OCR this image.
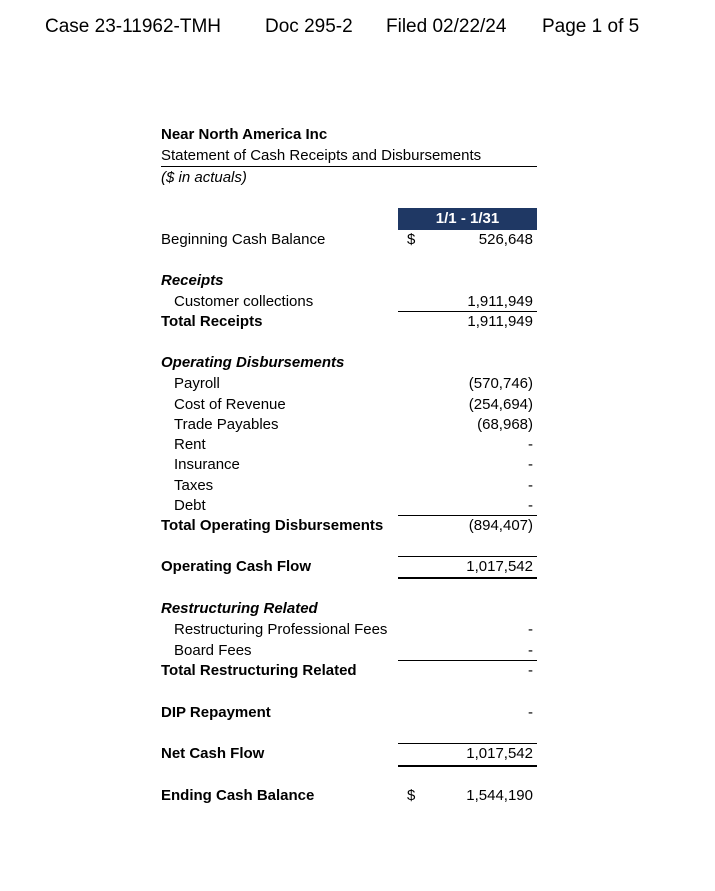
Case 23-11962-TMH Doc 295-2 Filed 02/22/24 Page 1 of 5
Near North America Inc
Statement of Cash Receipts and Disbursements
($ in actuals)
1/1 - 1/31
Beginning Cash Balance	$	526,648
Receipts
Customer collections	1,911,949
Total Receipts	1,911,949
Operating Disbursements
Payroll	(570,746)
Cost of Revenue	(254,694)
Trade Payables	(68,968)
Rent	-
Insurance	-
Taxes	-
Debt	-
Total Operating Disbursements	(894,407)
Operating Cash Flow	1,017,542
Restructuring Related
Restructuring Professional Fees	-
Board Fees	-
Total Restructuring Related	-
DIP Repayment	-
Net Cash Flow	1,017,542
Ending Cash Balance	$	1,544,190
